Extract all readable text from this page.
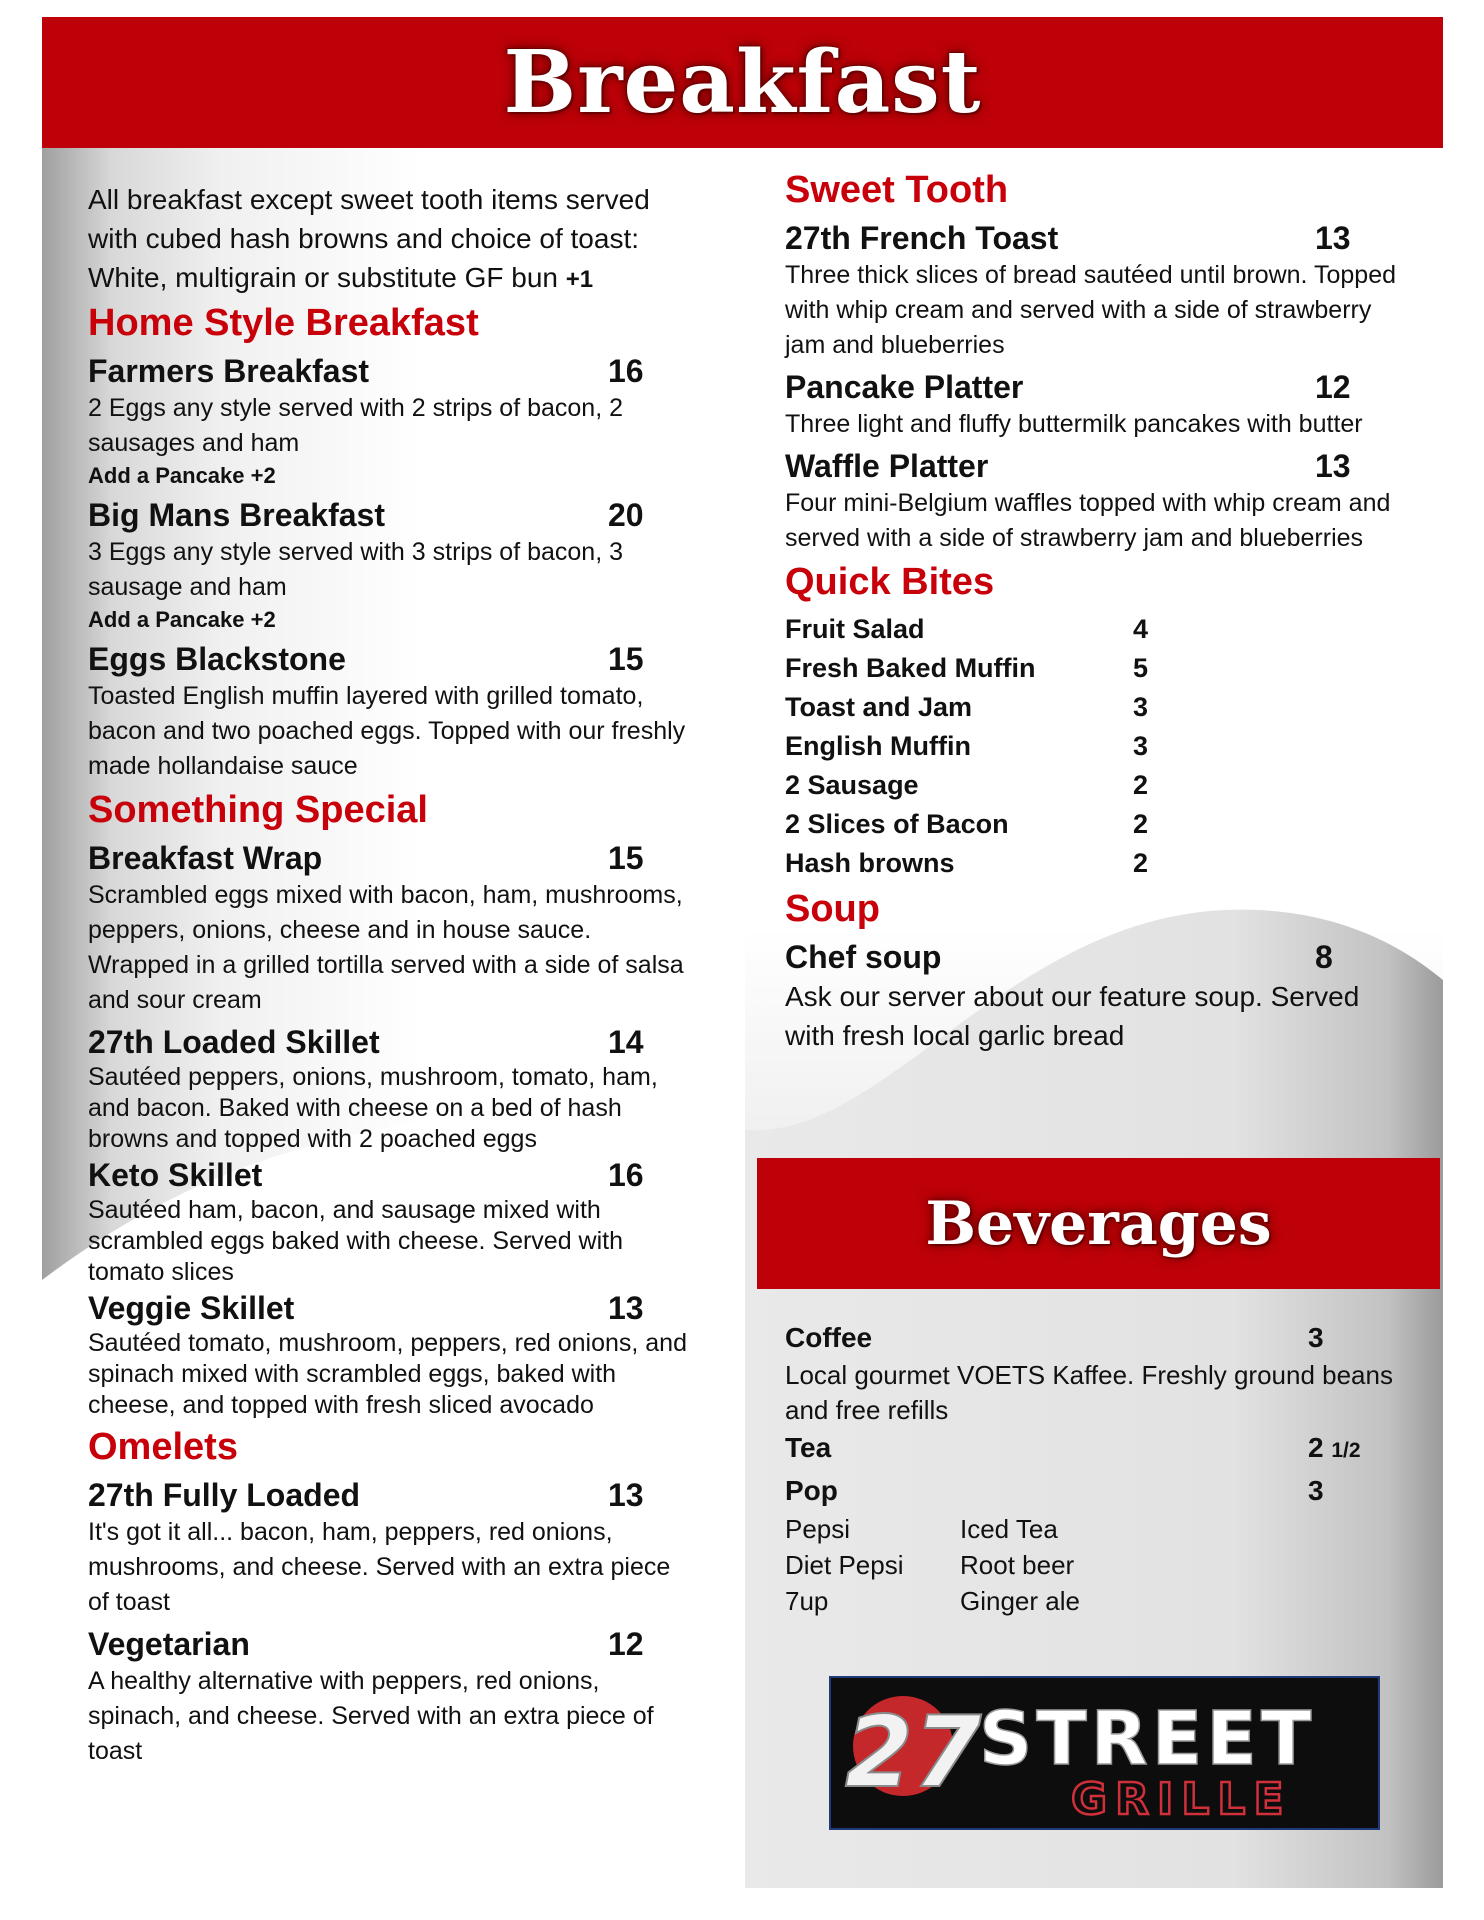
Breakfast

All breakfast except sweet tooth items served with cubed hash browns and choice of toast: White, multigrain or substitute GF bun +1

Home Style Breakfast
Farmers Breakfast	16

2 Eggs any style served with 2 strips of bacon, 2 sausages and ham

Add a Pancake +2

Big Mans Breakfast	20

3 Eggs any style served with 3 strips of bacon, 3 sausage and ham

Add a Pancake +2

Eggs Blackstone	15

Toasted English muffin layered with grilled tomato, bacon and two poached eggs. Topped with our freshly made hollandaise sauce

Something Special
Breakfast Wrap	15

Scrambled eggs mixed with bacon, ham, mushrooms, peppers, onions, cheese and in house sauce. Wrapped in a grilled tortilla served with a side of salsa and sour cream

27th Loaded Skillet	14

Sautéed peppers, onions, mushroom, tomato, ham, and bacon. Baked with cheese on a bed of hash browns and topped with 2 poached eggs

Keto Skillet	16

Sautéed ham, bacon, and sausage mixed with scrambled eggs baked with cheese. Served with tomato slices

Veggie Skillet	13

Sautéed tomato, mushroom, peppers, red onions, and spinach mixed with scrambled eggs, baked with cheese, and topped with fresh sliced avocado

Omelets
27th Fully Loaded	13

It's got it all... bacon, ham, peppers, red onions, mushrooms, and cheese. Served with an extra piece of toast

Vegetarian	12

A healthy alternative with peppers, red onions, spinach, and cheese. Served with an extra piece of toast

Sweet Tooth
27th French Toast	13

Three thick slices of bread sautéed until brown. Topped with whip cream and served with a side of strawberry jam and blueberries

Pancake Platter	12

Three light and fluffy buttermilk pancakes with butter

Waffle Platter	13

Four mini-Belgium waffles topped with whip cream and served with a side of strawberry jam and blueberries

Quick Bites
Fruit Salad	4
Fresh Baked Muffin	5
Toast and Jam	3
English Muffin	3
2 Sausage	2
2 Slices of Bacon	2
Hash browns	2
Soup
Chef soup	8

Ask our server about our feature soup. Served with fresh local garlic bread

Beverages
Coffee	3
Local gourmet VOETS Kaffee. Freshly ground beans and free refills
Tea	2 1/2
Pop	3
Pepsi	Iced Tea
Diet Pepsi	Root beer
7up	Ginger ale
27
STREET
GRILLE
